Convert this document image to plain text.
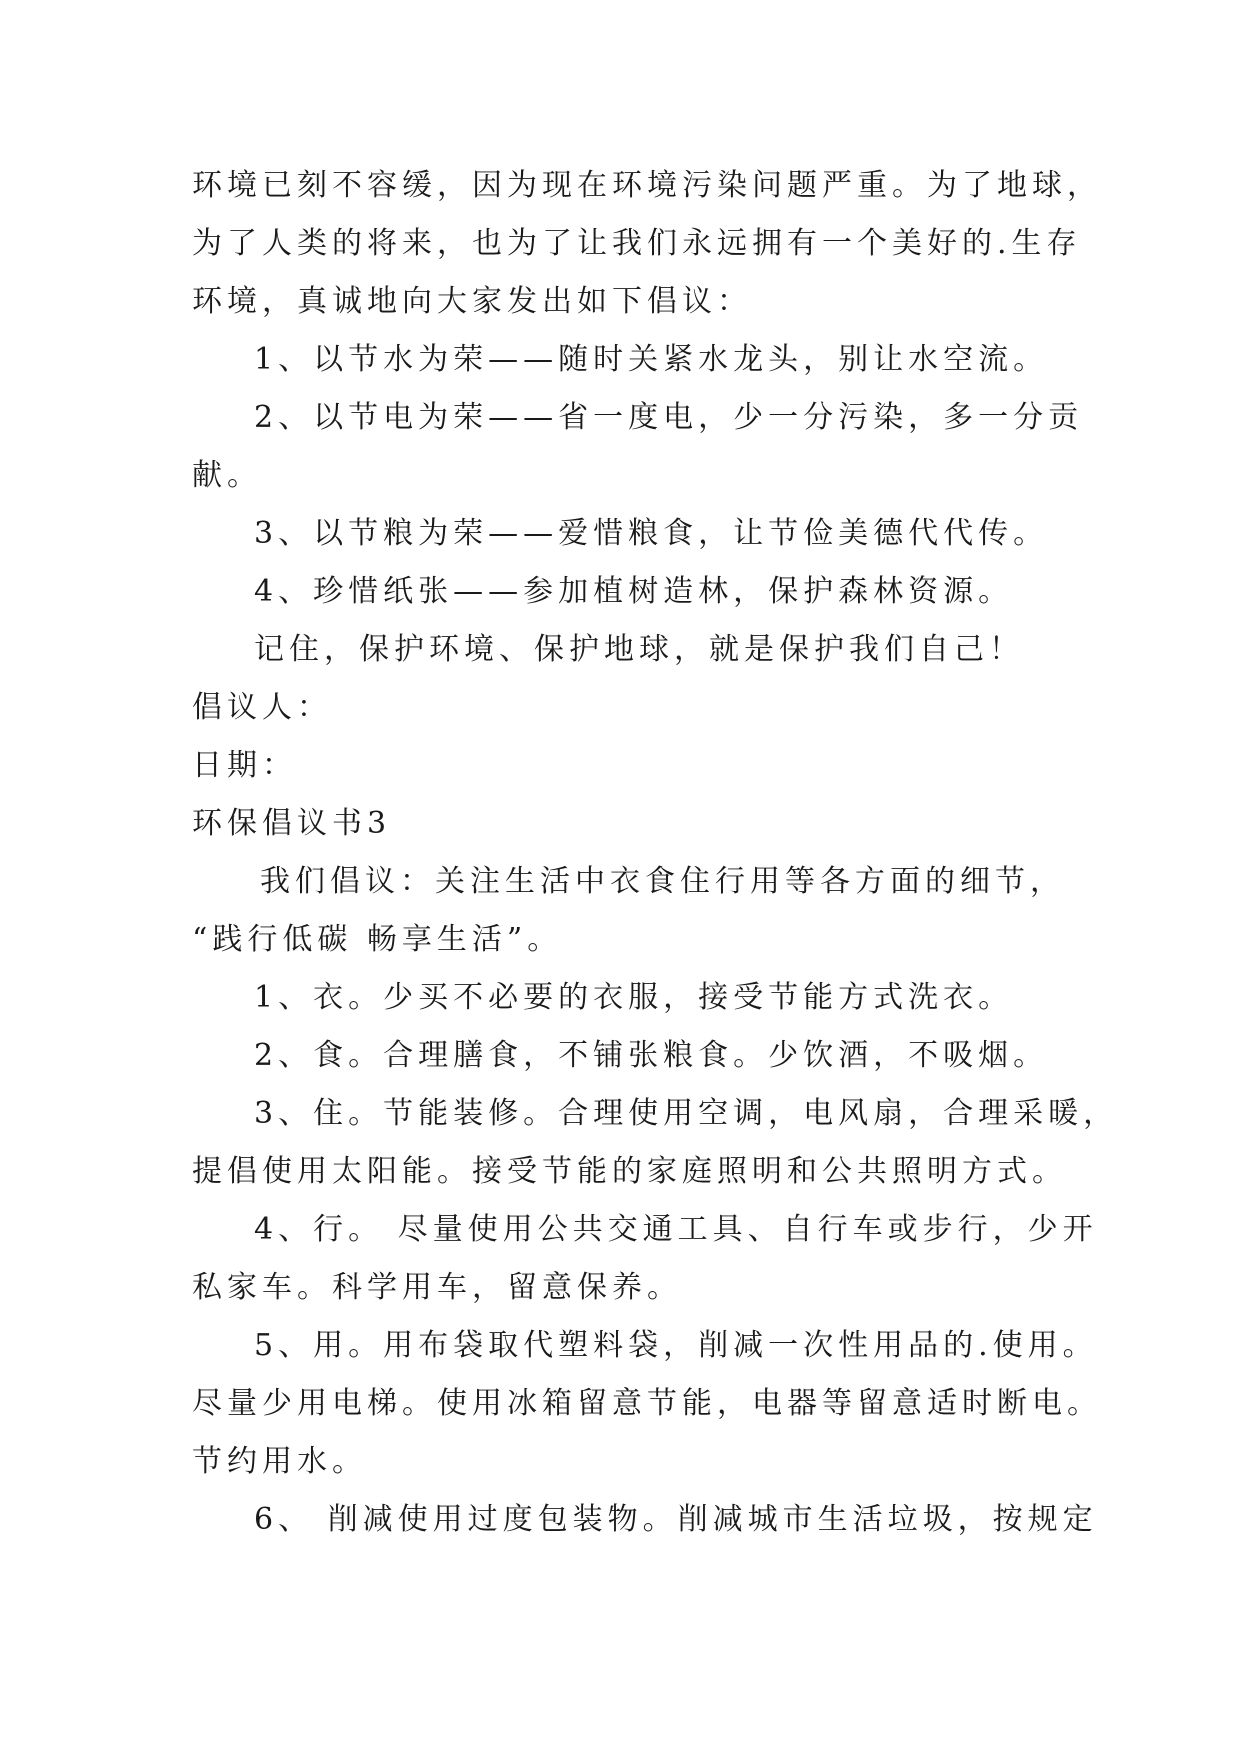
环境已刻不容缓，因为现在环境污染问题严重。为了地球，
为了人类的将来，也为了让我们永远拥有一个美好的.生存
环境，真诚地向大家发出如下倡议：
1、以节水为荣——随时关紧水龙头，别让水空流。
2、以节电为荣——省一度电，少一分污染，多一分贡
献。
3、以节粮为荣——爱惜粮食，让节俭美德代代传。
4、珍惜纸张——参加植树造林，保护森林资源。
记住，保护环境、保护地球，就是保护我们自己！
倡议人：
日期：
环保倡议书3
我们倡议：关注生活中衣食住行用等各方面的细节，
“践行低碳 畅享生活”。
1、衣。少买不必要的衣服，接受节能方式洗衣。
2、食。合理膳食，不铺张粮食。少饮酒，不吸烟。
3、住。节能装修。合理使用空调，电风扇，合理采暖，
提倡使用太阳能。接受节能的家庭照明和公共照明方式。
4、行。 尽量使用公共交通工具、自行车或步行，少开
私家车。科学用车，留意保养。
5、用。用布袋取代塑料袋，削减一次性用品的.使用。
尽量少用电梯。使用冰箱留意节能，电器等留意适时断电。
节约用水。
6、 削减使用过度包装物。削减城市生活垃圾，按规定
